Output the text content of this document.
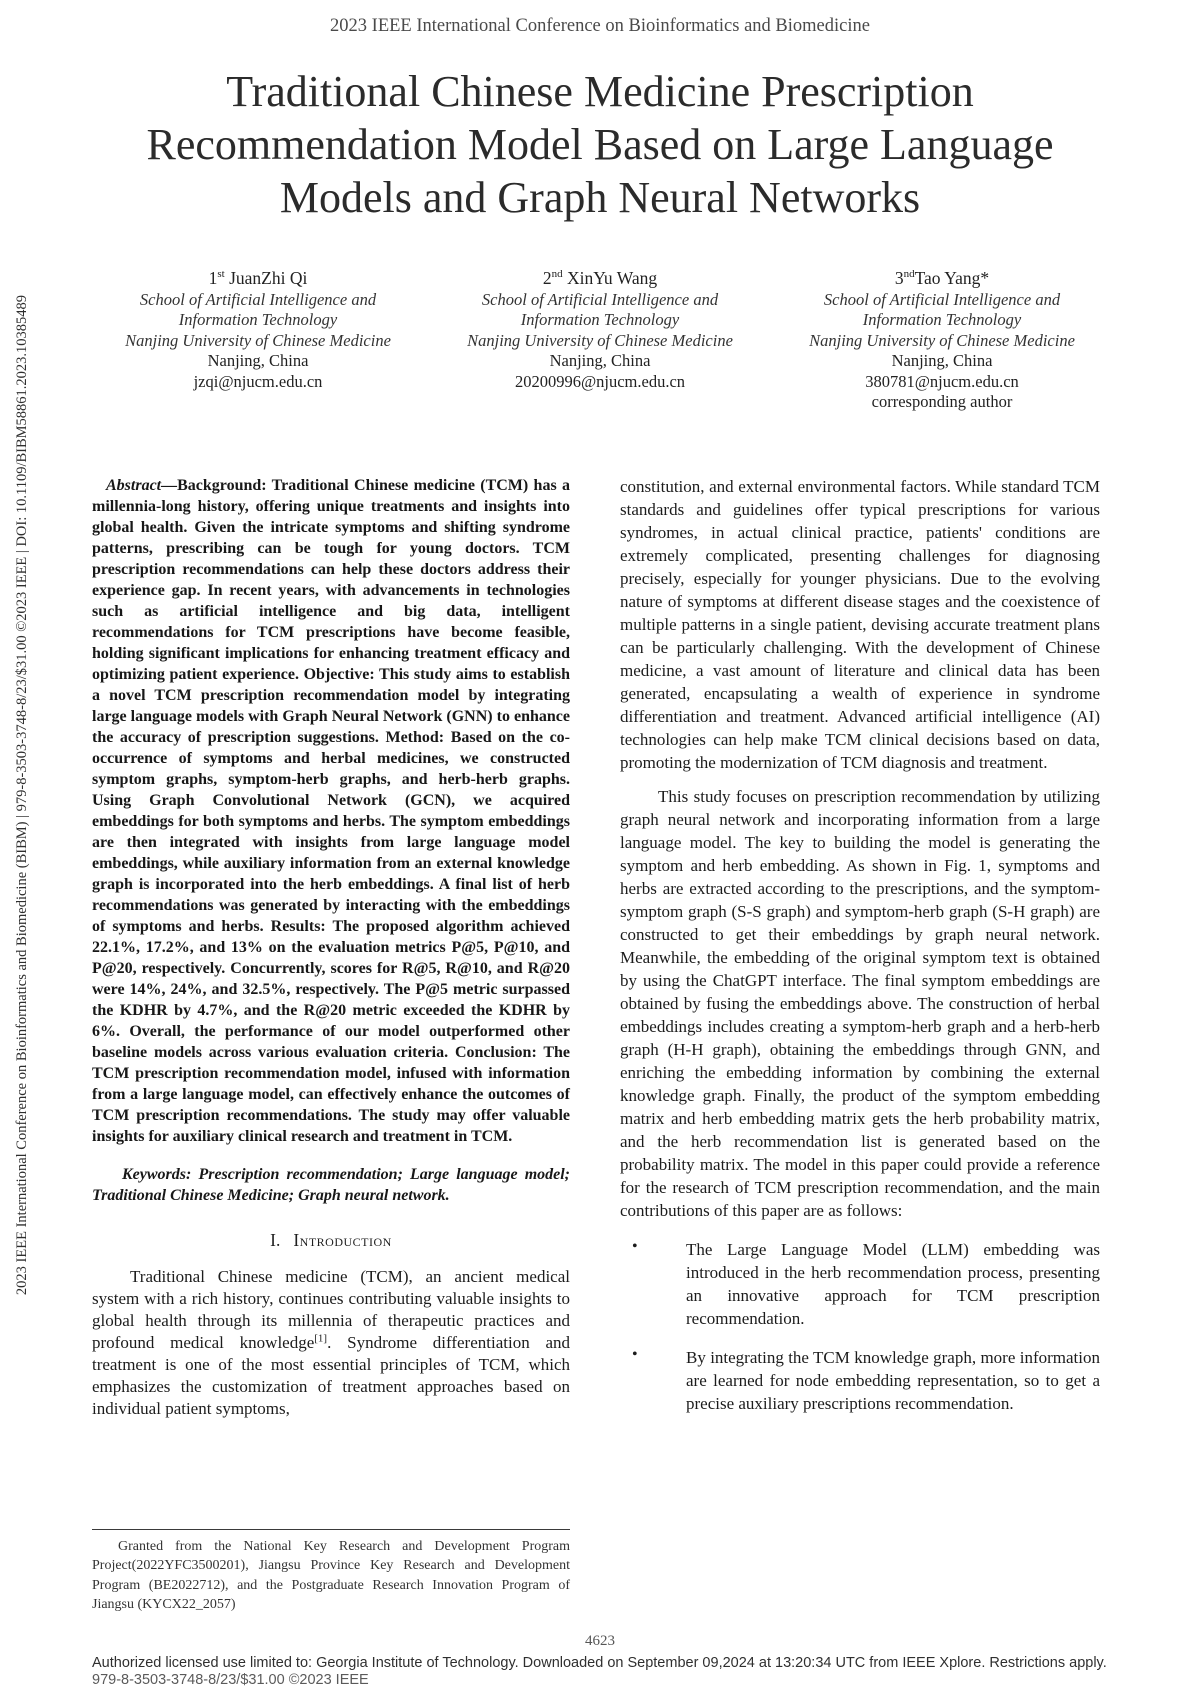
2023 IEEE International Conference on Bioinformatics and Biomedicine
Traditional Chinese Medicine Prescription
Recommendation Model Based on Large Language
Models and Graph Neural Networks
1st JuanZhi Qi
School of Artificial Intelligence and Information Technology
Nanjing University of Chinese Medicine
Nanjing, China
jzqi@njucm.edu.cn
2nd XinYu Wang
School of Artificial Intelligence and Information Technology
Nanjing University of Chinese Medicine
Nanjing, China
20200996@njucm.edu.cn
3ndTao Yang*
School of Artificial Intelligence and Information Technology
Nanjing University of Chinese Medicine
Nanjing, China
380781@njucm.edu.cn
corresponding author

Abstract—Background: Traditional Chinese medicine (TCM) has a millennia-long history, offering unique treatments and insights into global health. Given the intricate symptoms and shifting syndrome patterns, prescribing can be tough for young doctors. TCM prescription recommendations can help these doctors address their experience gap. In recent years, with advancements in technologies such as artificial intelligence and big data, intelligent recommendations for TCM prescriptions have become feasible, holding significant implications for enhancing treatment efficacy and optimizing patient experience. Objective: This study aims to establish a novel TCM prescription recommendation model by integrating large language models with Graph Neural Network (GNN) to enhance the accuracy of prescription suggestions. Method: Based on the co-occurrence of symptoms and herbal medicines, we constructed symptom graphs, symptom-herb graphs, and herb-herb graphs. Using Graph Convolutional Network (GCN), we acquired embeddings for both symptoms and herbs. The symptom embeddings are then integrated with insights from large language model embeddings, while auxiliary information from an external knowledge graph is incorporated into the herb embeddings. A final list of herb recommendations was generated by interacting with the embeddings of symptoms and herbs. Results: The proposed algorithm achieved 22.1%, 17.2%, and 13% on the evaluation metrics P@5, P@10, and P@20, respectively. Concurrently, scores for R@5, R@10, and R@20 were 14%, 24%, and 32.5%, respectively. The P@5 metric surpassed the KDHR by 4.7%, and the R@20 metric exceeded the KDHR by 6%. Overall, the performance of our model outperformed other baseline models across various evaluation criteria. Conclusion: The TCM prescription recommendation model, infused with information from a large language model, can effectively enhance the outcomes of TCM prescription recommendations. The study may offer valuable insights for auxiliary clinical research and treatment in TCM.

Keywords: Prescription recommendation; Large language model; Traditional Chinese Medicine; Graph neural network.

I. Introduction

Traditional Chinese medicine (TCM), an ancient medical system with a rich history, continues contributing valuable insights to global health through its millennia of therapeutic practices and profound medical knowledge[1]. Syndrome differentiation and treatment is one of the most essential principles of TCM, which emphasizes the customization of treatment approaches based on individual patient symptoms,

Granted from the National Key Research and Development Program Project(2022YFC3500201), Jiangsu Province Key Research and Development Program (BE2022712), and the Postgraduate Research Innovation Program of Jiangsu (KYCX22_2057)

constitution, and external environmental factors. While standard TCM standards and guidelines offer typical prescriptions for various syndromes, in actual clinical practice, patients' conditions are extremely complicated, presenting challenges for diagnosing precisely, especially for younger physicians. Due to the evolving nature of symptoms at different disease stages and the coexistence of multiple patterns in a single patient, devising accurate treatment plans can be particularly challenging. With the development of Chinese medicine, a vast amount of literature and clinical data has been generated, encapsulating a wealth of experience in syndrome differentiation and treatment. Advanced artificial intelligence (AI) technologies can help make TCM clinical decisions based on data, promoting the modernization of TCM diagnosis and treatment.

This study focuses on prescription recommendation by utilizing graph neural network and incorporating information from a large language model. The key to building the model is generating the symptom and herb embedding. As shown in Fig. 1, symptoms and herbs are extracted according to the prescriptions, and the symptom-symptom graph (S-S graph) and symptom-herb graph (S-H graph) are constructed to get their embeddings by graph neural network. Meanwhile, the embedding of the original symptom text is obtained by using the ChatGPT interface. The final symptom embeddings are obtained by fusing the embeddings above. The construction of herbal embeddings includes creating a symptom-herb graph and a herb-herb graph (H-H graph), obtaining the embeddings through GNN, and enriching the embedding information by combining the external knowledge graph. Finally, the product of the symptom embedding matrix and herb embedding matrix gets the herb probability matrix, and the herb recommendation list is generated based on the probability matrix. The model in this paper could provide a reference for the research of TCM prescription recommendation, and the main contributions of this paper are as follows:

•	The Large Language Model (LLM) embedding was introduced in the herb recommendation process, presenting an innovative approach for TCM prescription recommendation.
•	By integrating the TCM knowledge graph, more information are learned for node embedding representation, so to get a precise auxiliary prescriptions recommendation.
2023 IEEE International Conference on Bioinformatics and Biomedicine (BIBM) | 979-8-3503-3748-8/23/$31.00 ©2023 IEEE | DOI: 10.1109/BIBM58861.2023.10385489
4623
Authorized licensed use limited to: Georgia Institute of Technology. Downloaded on September 09,2024 at 13:20:34 UTC from IEEE Xplore. Restrictions apply.
979-8-3503-3748-8/23/$31.00 ©2023 IEEE
